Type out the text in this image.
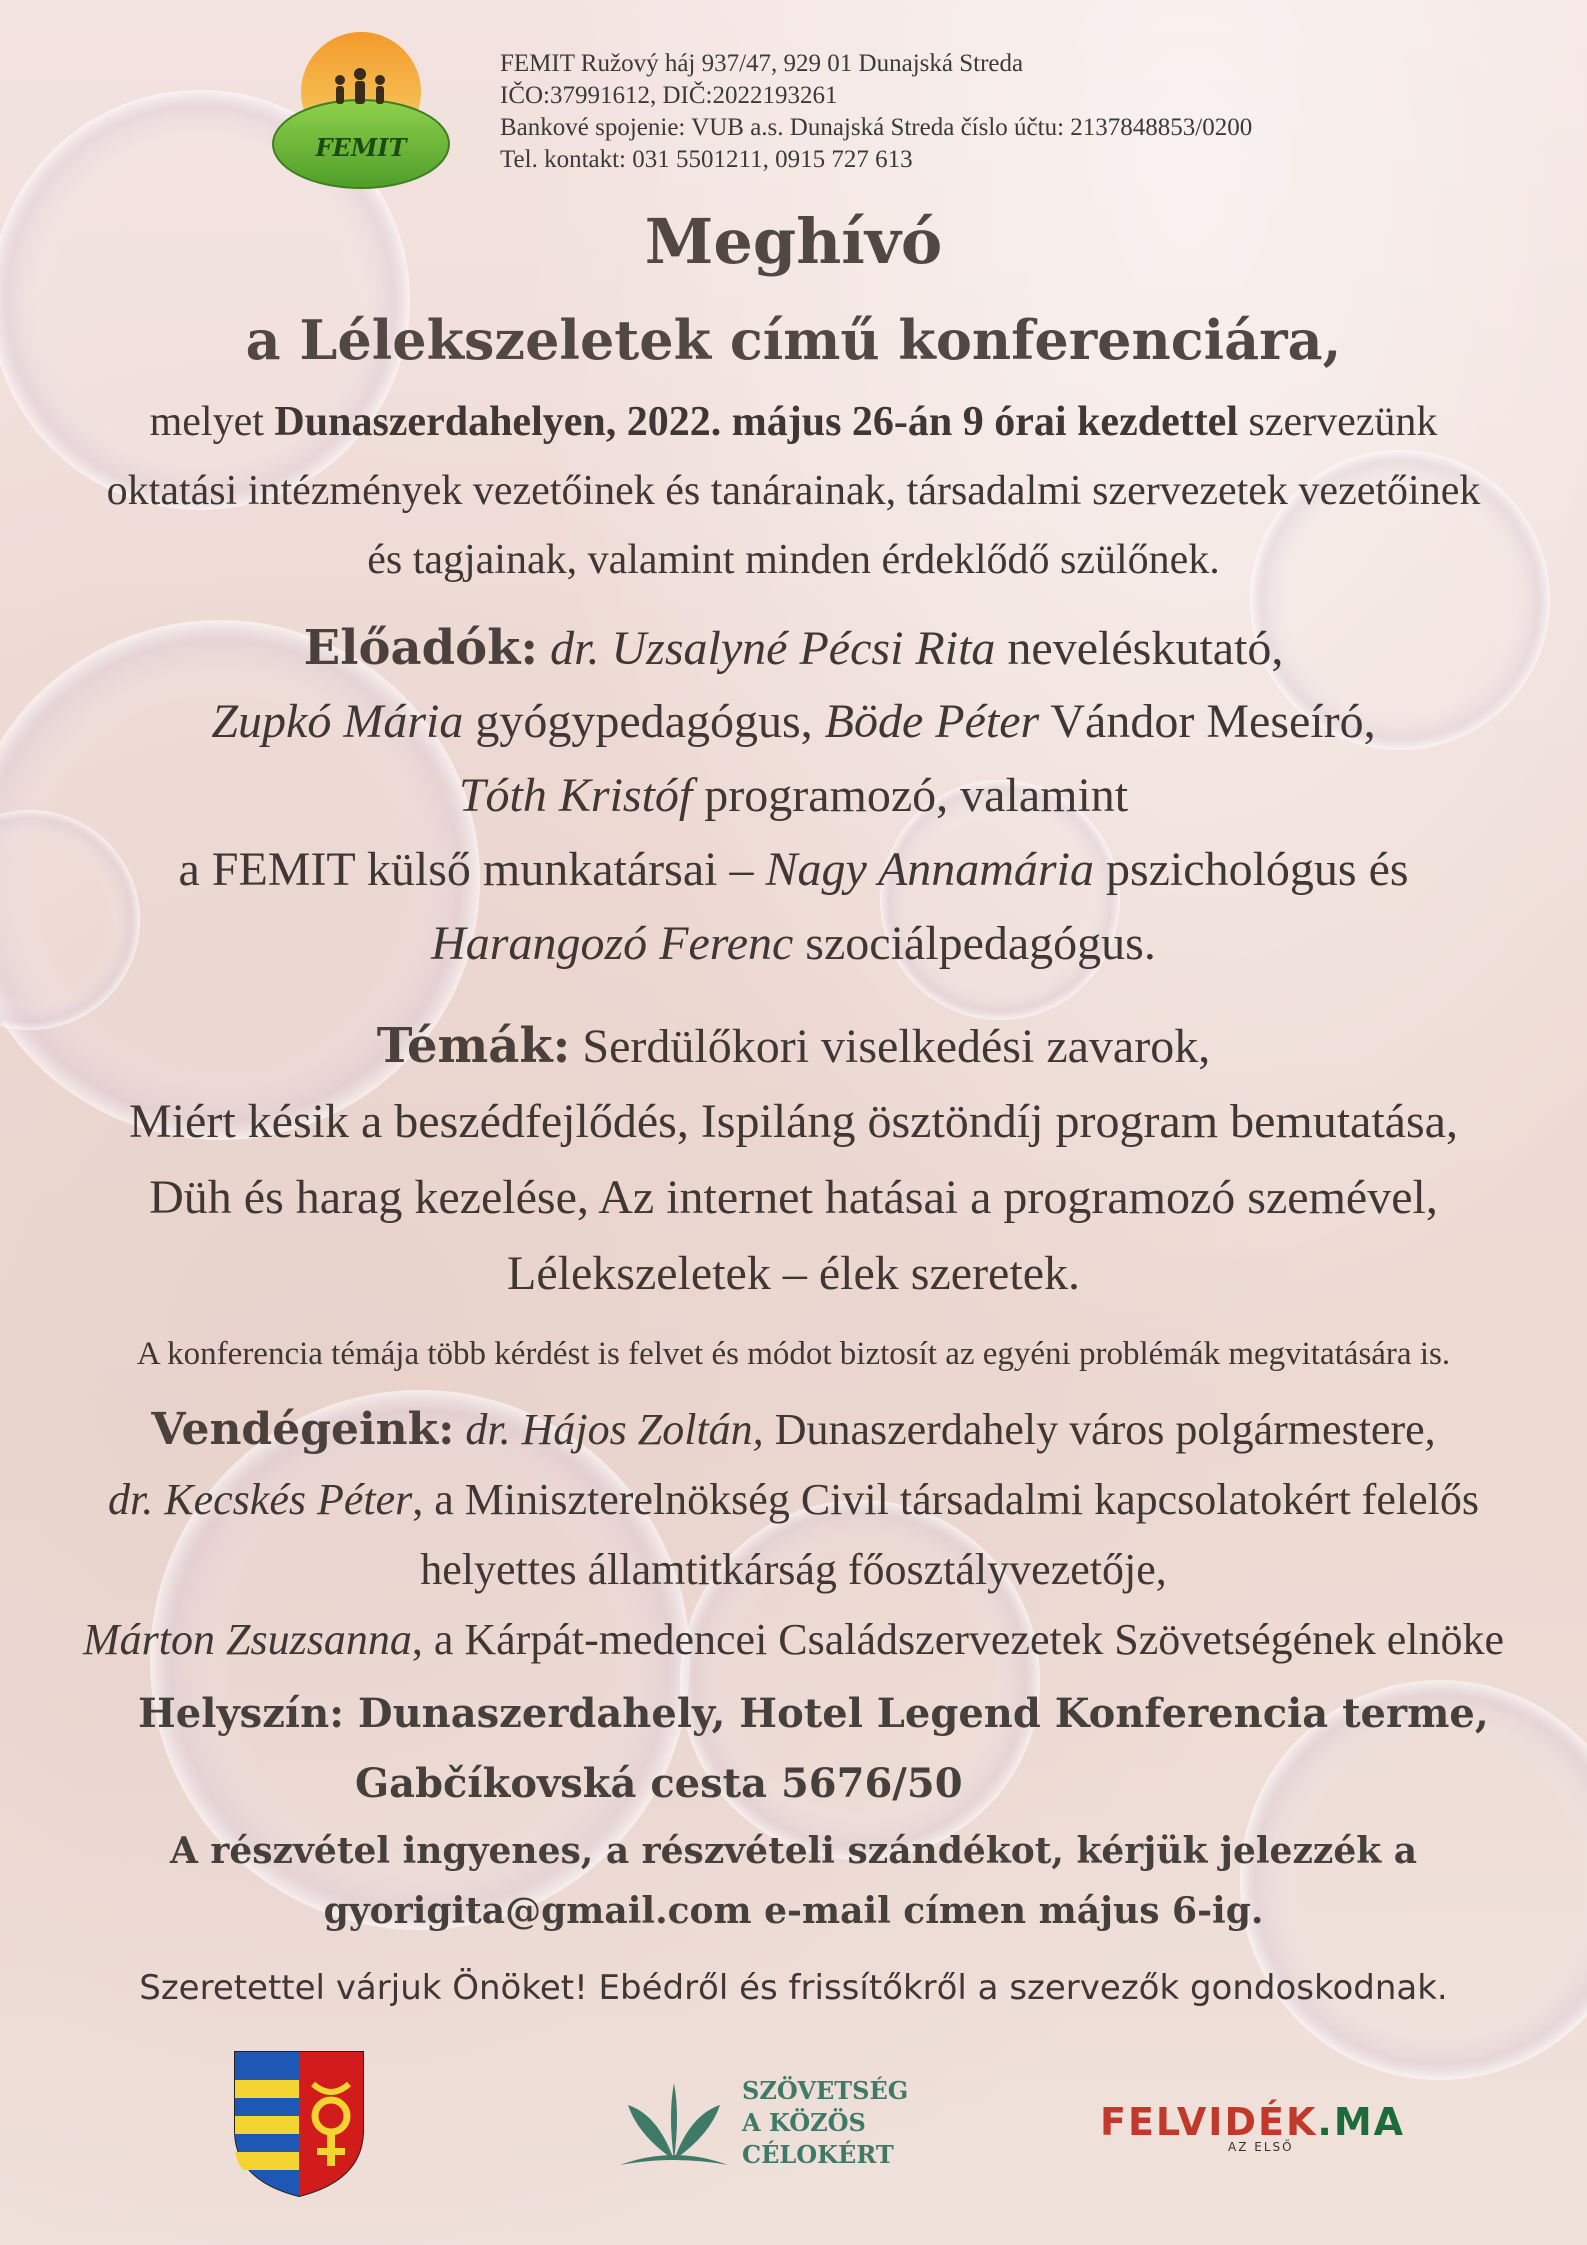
FEMIT
FEMIT Ružový háj 937/47, 929 01 Dunajská Streda
IČO:37991612, DIČ:2022193261
Bankové spojenie: VUB a.s. Dunajská Streda číslo účtu: 2137848853/0200
Tel. kontakt: 031 5501211, 0915 727 613
Meghívó
a Lélekszeletek című konferenciára,
melyet Dunaszerdahelyen, 2022. május 26-án 9 órai kezdettel szervezünk
oktatási intézmények vezetőinek és tanárainak, társadalmi szervezetek vezetőinek
és tagjainak, valamint minden érdeklődő szülőnek.
Előadók: dr. Uzsalyné Pécsi Rita neveléskutató,
Zupkó Mária gyógypedagógus, Böde Péter Vándor Meseíró,
Tóth Kristóf programozó, valamint
a FEMIT külső munkatársai – Nagy Annamária pszichológus és
Harangozó Ferenc szociálpedagógus.
Témák: Serdülőkori viselkedési zavarok,
Miért késik a beszédfejlődés, Ispiláng ösztöndíj program bemutatása,
Düh és harag kezelése, Az internet hatásai a programozó szemével,
Lélekszeletek – élek szeretek.
A konferencia témája több kérdést is felvet és módot biztosít az egyéni problémák megvitatására is.
Vendégeink: dr. Hájos Zoltán, Dunaszerdahely város polgármestere,
dr. Kecskés Péter, a Miniszterelnökség Civil társadalmi kapcsolatokért felelős
helyettes államtitkárság főosztályvezetője,
Márton Zsuzsanna, a Kárpát-medencei Családszervezetek Szövetségének elnöke
Helyszín: Dunaszerdahely, Hotel Legend Konferencia terme,
Gabčíkovská cesta 5676/50
A részvétel ingyenes, a részvételi szándékot, kérjük jelezzék a
gyorigita@gmail.com e-mail címen május 6-ig.
Szeretettel várjuk Önöket! Ebédről és frissítőkről a szervezők gondoskodnak.
SZÖVETSÉG
A KÖZÖS
CÉLOKÉRT
FELVIDÉK.MA
AZ ELSŐ
